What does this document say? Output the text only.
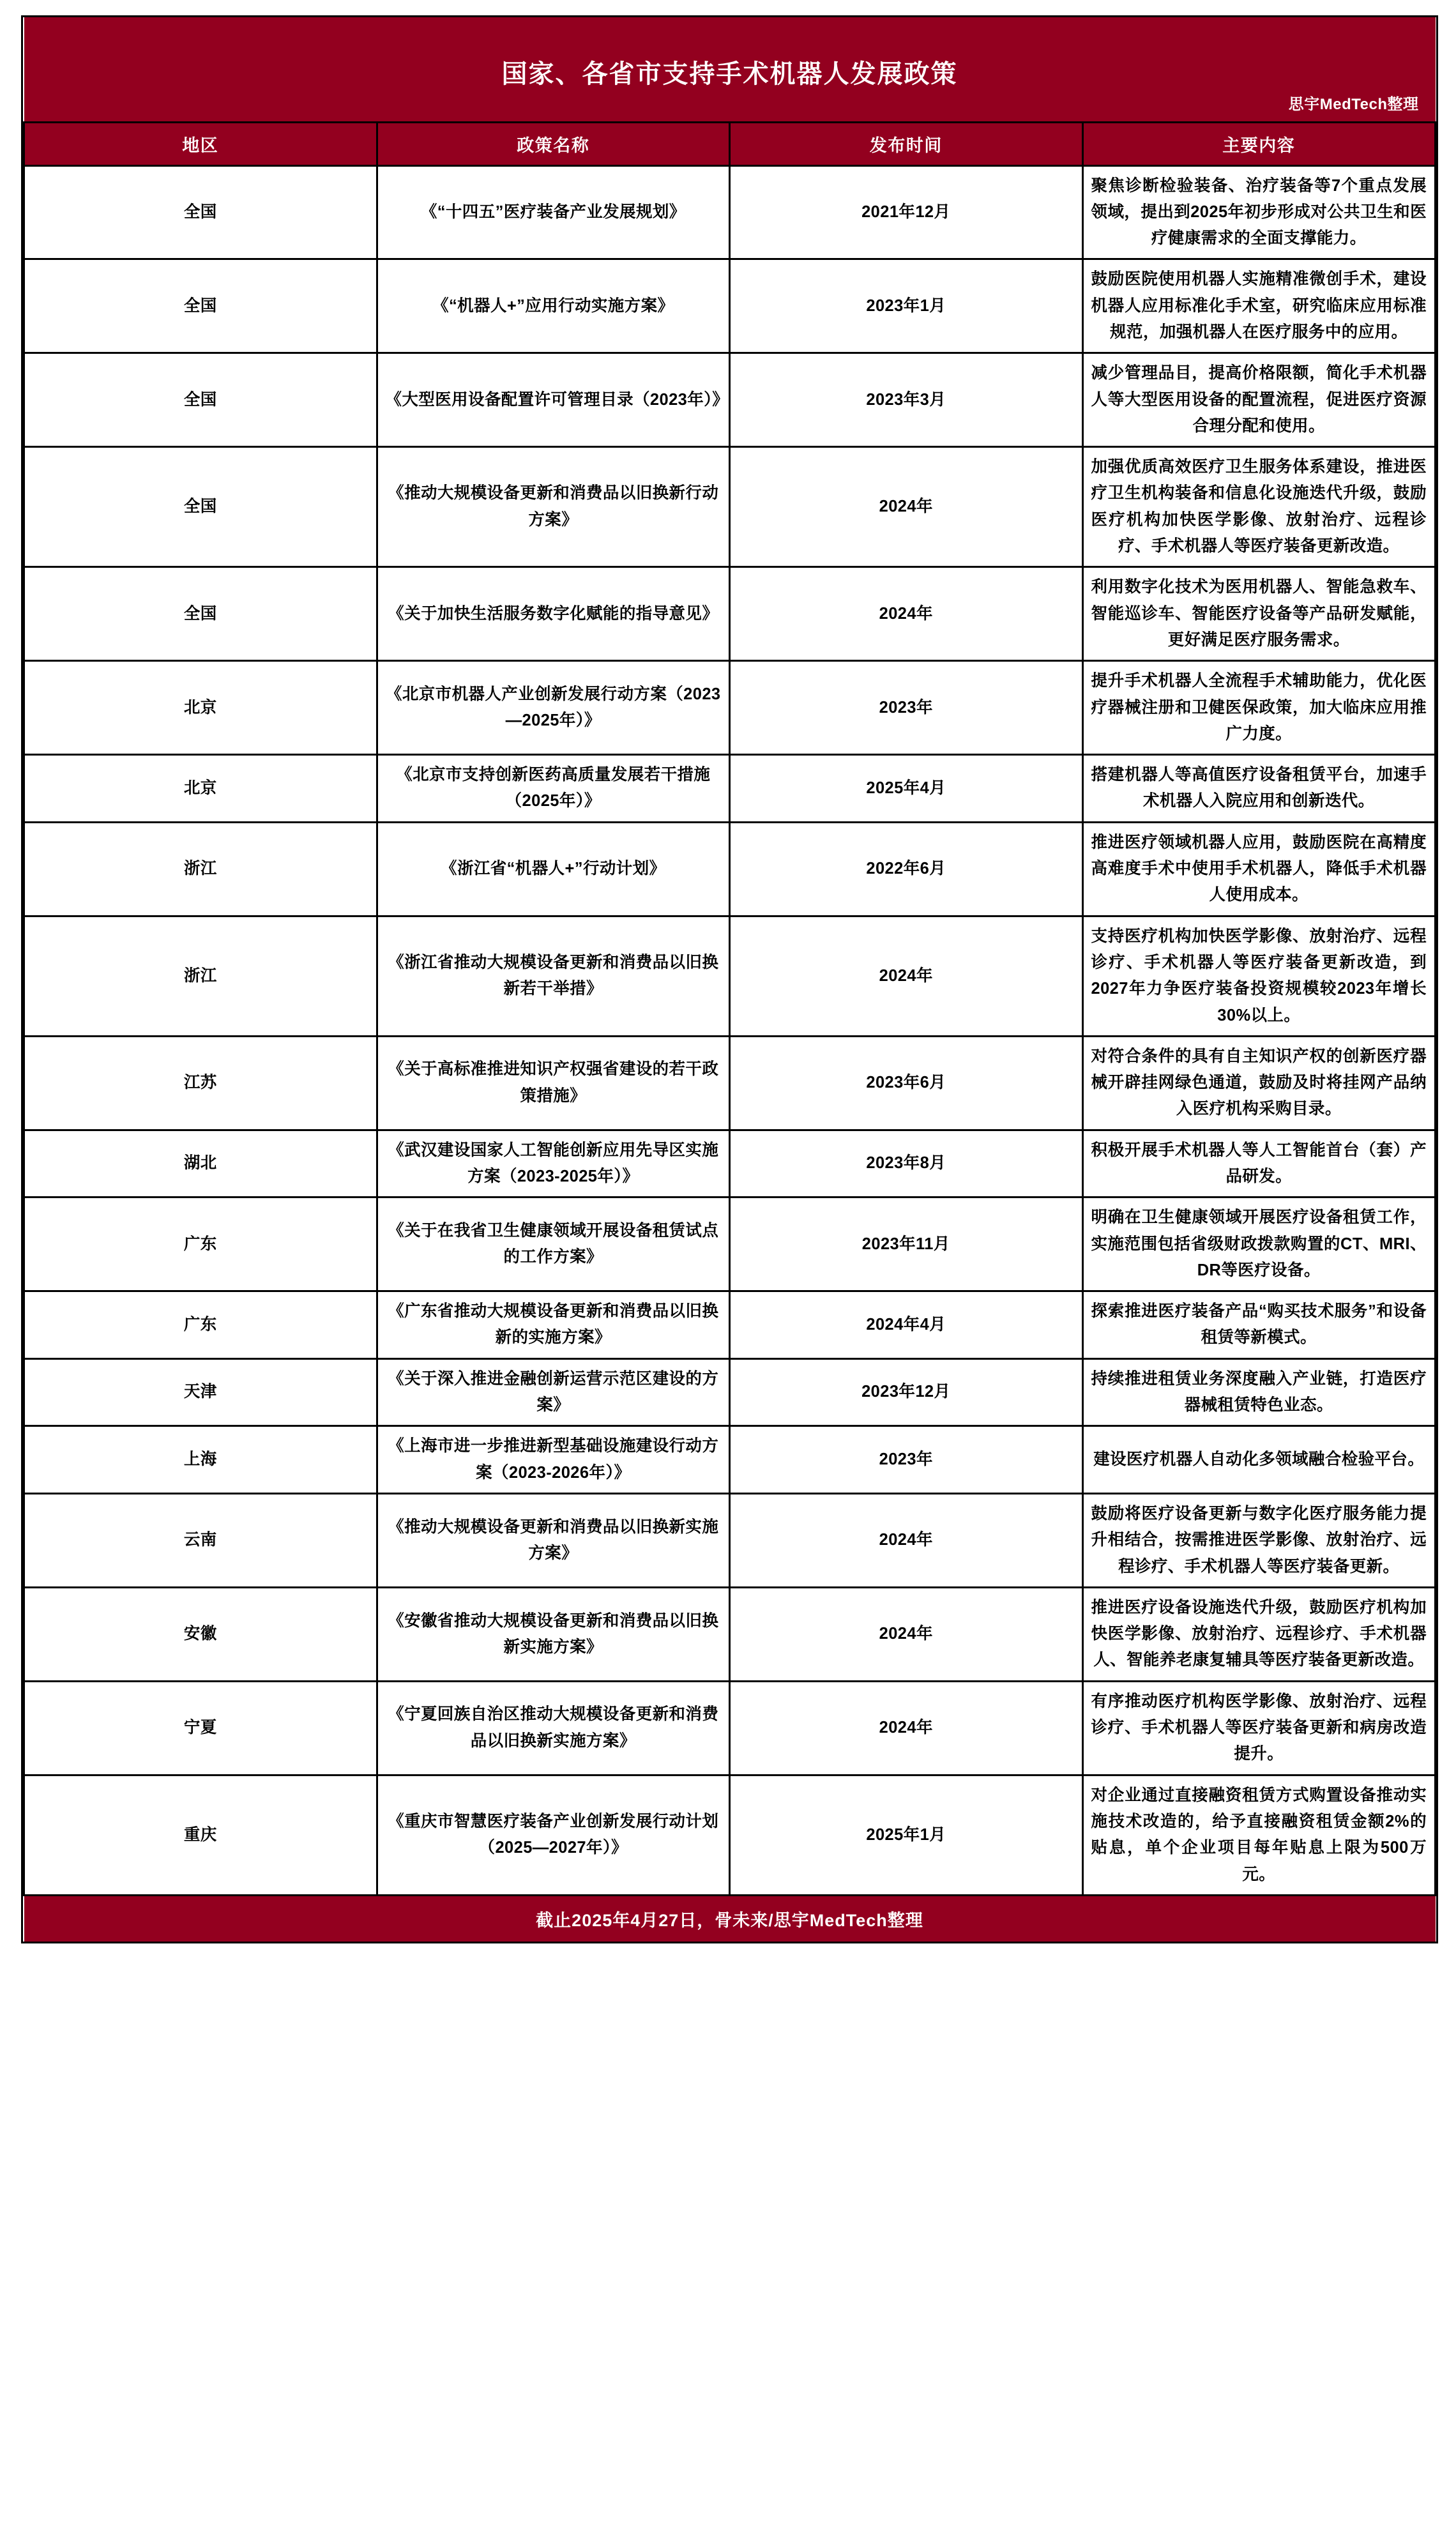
国家、各省市支持手术机器人发展政策
思宇MedTech整理			

地区	政策名称	发布时间	主要内容
全国	《“十四五”医疗装备产业发展规划》	2021年12月	聚焦诊断检验装备、治疗装备等7个重点发展领域，提出到2025年初步形成对公共卫生和医疗健康需求的全面支撑能力。
全国	《“机器人+”应用行动实施方案》	2023年1月	鼓励医院使用机器人实施精准微创手术，建设机器人应用标准化手术室，研究临床应用标准规范，加强机器人在医疗服务中的应用。
全国	《大型医用设备配置许可管理目录（2023年）》	2023年3月	减少管理品目，提高价格限额，简化手术机器人等大型医用设备的配置流程，促进医疗资源合理分配和使用。
全国	《推动大规模设备更新和消费品以旧换新行动方案》	2024年	加强优质高效医疗卫生服务体系建设，推进医疗卫生机构装备和信息化设施迭代升级，鼓励医疗机构加快医学影像、放射治疗、远程诊疗、手术机器人等医疗装备更新改造。
全国	《关于加快生活服务数字化赋能的指导意见》	2024年	利用数字化技术为医用机器人、智能急救车、智能巡诊车、智能医疗设备等产品研发赋能，更好满足医疗服务需求。
北京	《北京市机器人产业创新发展行动方案（2023—2025年）》	2023年	提升手术机器人全流程手术辅助能力，优化医疗器械注册和卫健医保政策，加大临床应用推广力度。
北京	《北京市支持创新医药高质量发展若干措施（2025年）》	2025年4月	搭建机器人等高值医疗设备租赁平台，加速手术机器人入院应用和创新迭代。
浙江	《浙江省“机器人+”行动计划》	2022年6月	推进医疗领域机器人应用，鼓励医院在高精度高难度手术中使用手术机器人，降低手术机器人使用成本。
浙江	《浙江省推动大规模设备更新和消费品以旧换新若干举措》	2024年	支持医疗机构加快医学影像、放射治疗、远程诊疗、手术机器人等医疗装备更新改造，到2027年力争医疗装备投资规模较2023年增长30%以上。
江苏	《关于高标准推进知识产权强省建设的若干政策措施》	2023年6月	对符合条件的具有自主知识产权的创新医疗器械开辟挂网绿色通道，鼓励及时将挂网产品纳入医疗机构采购目录。
湖北	《武汉建设国家人工智能创新应用先导区实施方案（2023-2025年）》	2023年8月	积极开展手术机器人等人工智能首台（套）产品研发。
广东	《关于在我省卫生健康领域开展设备租赁试点的工作方案》	2023年11月	明确在卫生健康领域开展医疗设备租赁工作，实施范围包括省级财政拨款购置的CT、MRI、DR等医疗设备。
广东	《广东省推动大规模设备更新和消费品以旧换新的实施方案》	2024年4月	探索推进医疗装备产品“购买技术服务”和设备租赁等新模式。
天津	《关于深入推进金融创新运营示范区建设的方案》	2023年12月	持续推进租赁业务深度融入产业链，打造医疗器械租赁特色业态。
上海	《上海市进一步推进新型基础设施建设行动方案（2023-2026年）》	2023年	建设医疗机器人自动化多领域融合检验平台。
云南	《推动大规模设备更新和消费品以旧换新实施方案》	2024年	鼓励将医疗设备更新与数字化医疗服务能力提升相结合，按需推进医学影像、放射治疗、远程诊疗、手术机器人等医疗装备更新。
安徽	《安徽省推动大规模设备更新和消费品以旧换新实施方案》	2024年	推进医疗设备设施迭代升级，鼓励医疗机构加快医学影像、放射治疗、远程诊疗、手术机器人、智能养老康复辅具等医疗装备更新改造。
宁夏	《宁夏回族自治区推动大规模设备更新和消费品以旧换新实施方案》	2024年	有序推动医疗机构医学影像、放射治疗、远程诊疗、手术机器人等医疗装备更新和病房改造提升。
重庆	《重庆市智慧医疗装备产业创新发展行动计划（2025—2027年）》	2025年1月	对企业通过直接融资租赁方式购置设备推动实施技术改造的，给予直接融资租赁金额2%的贴息，单个企业项目每年贴息上限为500万元。
截止2025年4月27日，骨未来/思宇MedTech整理			
